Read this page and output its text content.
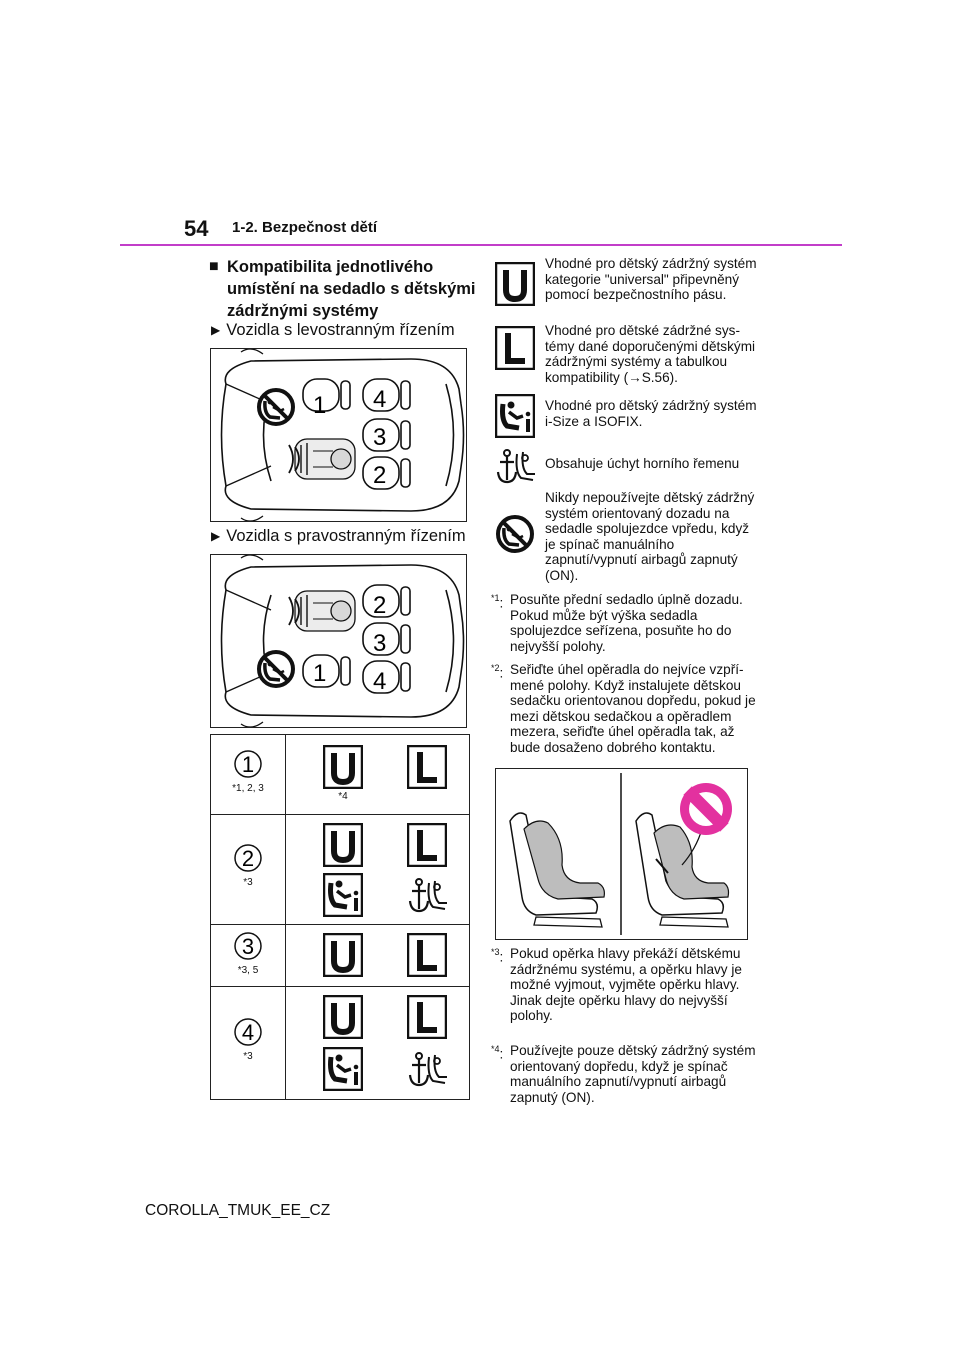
54 1-2. Bezpečnost dětí
■ Kompatibilita jednotlivého umístění na sedadlo s dětskými zádržnými systémy
▶ Vozidla s levostranným řízením
1 4
3
2
▶ Vozidla s pravostranným řízením
1
2
3
4
1
*1, 2, 3
*4
2
*3
3
*3, 5
4
*3
Vhodné pro dětský zádržný systém kategorie "universal" připevněný pomocí bezpečnostního pásu.
Vhodné pro dětské zádržné systémy dané doporučenými dětskými zádržnými systémy a tabulkou kompatibility (→S.56).
Vhodné pro dětský zádržný systém i-Size a ISOFIX.
Obsahuje úchyt horního řemenu
Nikdy nepoužívejte dětský zádržný systém orientovaný dozadu na sedadle spolujezdce vpředu, když je spínač manuálního zapnutí/vypnutí airbagů zapnutý (ON).
$^{*1}$: Posuňte přední sedadlo úplně dozadu. Pokud může být výška sedadla spolujezdce seřízena, posuňte ho do nejvyšší polohy.
$^{*2}$: Seřiďte úhel opěradla do nejvíce vzpřímené polohy. Když instalujete dětskou sedačku orientovanou dopředu, pokud je mezi dětskou sedačkou a opěradlem mezera, seřiďte úhel opěradla tak, až bude dosaženo dobrého kontaktu.
$^{*3}$: Pokud opěrka hlavy překáží dětskému zádržnému systému, a opěrku hlavy je možné vyjmout, vyjměte opěrku hlavy.
Jinak dejte opěrku hlavy do nejvyšší polohy.
$^{*4}$: Používejte pouze dětský zádržný systém orientovaný dopředu, když je spínač manuálního zapnutí/vypnutí airbagů zapnutý (ON).
COROLLA_TMUK_EE_CZ
